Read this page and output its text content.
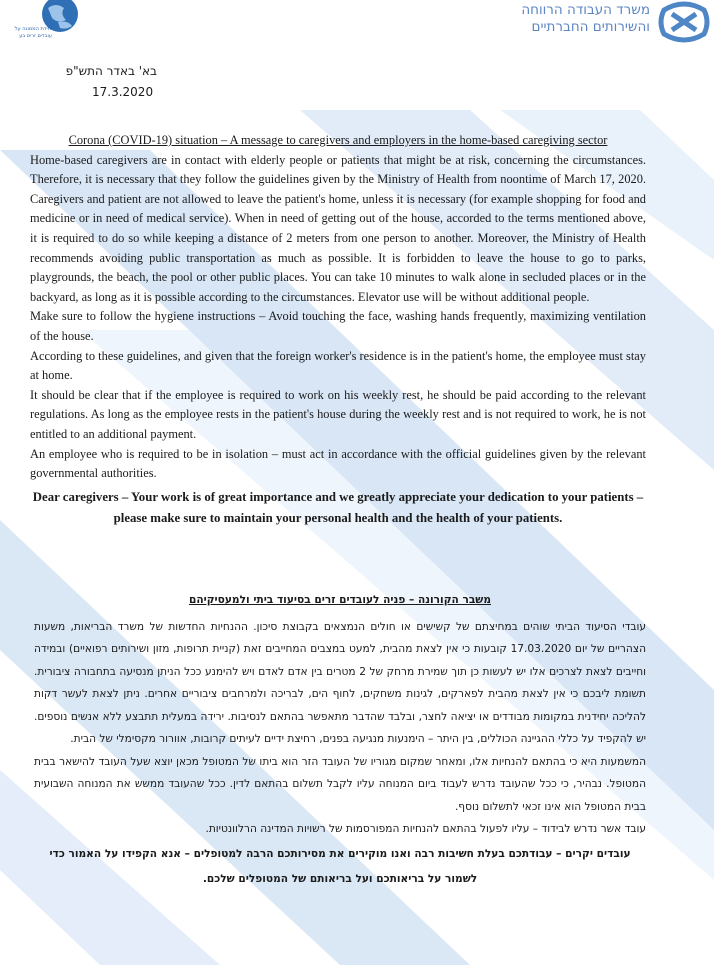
יחידת הממונה על
עובדים זרים בע
משרד העבודה הרווחה
והשירותים החברתיים
בא' באדר התש"פ
17.3.2020

Corona (COVID-19) situation – A message to caregivers and employers in the home-based caregiving sector

Home-based caregivers are in contact with elderly people or patients that might be at risk, concerning the circumstances. Therefore, it is necessary that they follow the guidelines given by the Ministry of Health from noontime of March 17, 2020. Caregivers and patient are not allowed to leave the patient's home, unless it is necessary (for example shopping for food and medicine or in need of medical service). When in need of getting out of the house, accorded to the terms mentioned above, it is required to do so while keeping a distance of 2 meters from one person to another. Moreover, the Ministry of Health recommends avoiding public transportation as much as possible. It is forbidden to leave the house to go to parks, playgrounds, the beach, the pool or other public places. You can take 10 minutes to walk alone in secluded places or in the backyard, as long as it is possible according to the circumstances. Elevator use will be without additional people.

Make sure to follow the hygiene instructions – Avoid touching the face, washing hands frequently, maximizing ventilation of the house.

According to these guidelines, and given that the foreign worker's residence is in the patient's home, the employee must stay at home.

It should be clear that if the employee is required to work on his weekly rest, he should be paid according to the relevant regulations. As long as the employee rests in the patient's house during the weekly rest and is not required to work, he is not entitled to an additional payment.

An employee who is required to be in isolation – must act in accordance with the official guidelines given by the relevant governmental authorities.

Dear caregivers – Your work is of great importance and we greatly appreciate your dedication to your patients – please make sure to maintain your personal health and the health of your patients.

משבר הקורונה – פניה לעובדים זרים בסיעוד ביתי ולמעסיקיהם

עובדי הסיעוד הביתי שוהים במחיצתם של קשישים או חולים הנמצאים בקבוצת סיכון. ההנחיות החדשות של משרד הבריאות, משעות הצהריים של יום 17.03.2020 קובעות כי אין לצאת מהבית, למעט במצבים המחייבים זאת (קניית תרופות, מזון ושירותים רפואיים) ובמידה וחייבים לצאת לצרכים אלו יש לעשות כן תוך שמירת מרחק של 2 מטרים בין אדם לאדם ויש להימנע ככל הניתן מנסיעה בתחבורה ציבורית. תשומת ליבכם כי אין לצאת מהבית לפארקים, לגינות משחקים, לחוף הים, לבריכה ולמרחבים ציבוריים אחרים. ניתן לצאת לעשר דקות להליכה יחידנית במקומות מבודדים או יציאה לחצר, ובלבד שהדבר מתאפשר בהתאם לנסיבות. ירידה במעלית תתבצע ללא אנשים נוספים. יש להקפיד על כללי ההגיינה הכוללים, בין היתר – הימנעות מנגיעה בפנים, רחיצת ידיים לעיתים קרובות, אוורור מקסימלי של הבית.

המשמעות היא כי בהתאם להנחיות אלו, ומאחר שמקום מגוריו של העובד הזר הוא ביתו של המטופל מכאן יוצא שעל העובד להישאר בבית המטופל. נבהיר, כי ככל שהעובד נדרש לעבוד ביום המנוחה עליו לקבל תשלום בהתאם לדין. ככל שהעובד ממשש את המנוחה השבועית בבית המטופל הוא אינו זכאי לתשלום נוסף.

עובד אשר נדרש לבידוד – עליו לפעול בהתאם להנחיות המפורסמות של רשויות המדינה הרלוונטיות.

עובדים יקרים – עבודתכם בעלת חשיבות רבה ואנו מוקירים את מסירותכם הרבה למטופלים – אנא הקפידו על האמור כדי לשמור על בריאותכם ועל בריאותם של המטופלים שלכם.
